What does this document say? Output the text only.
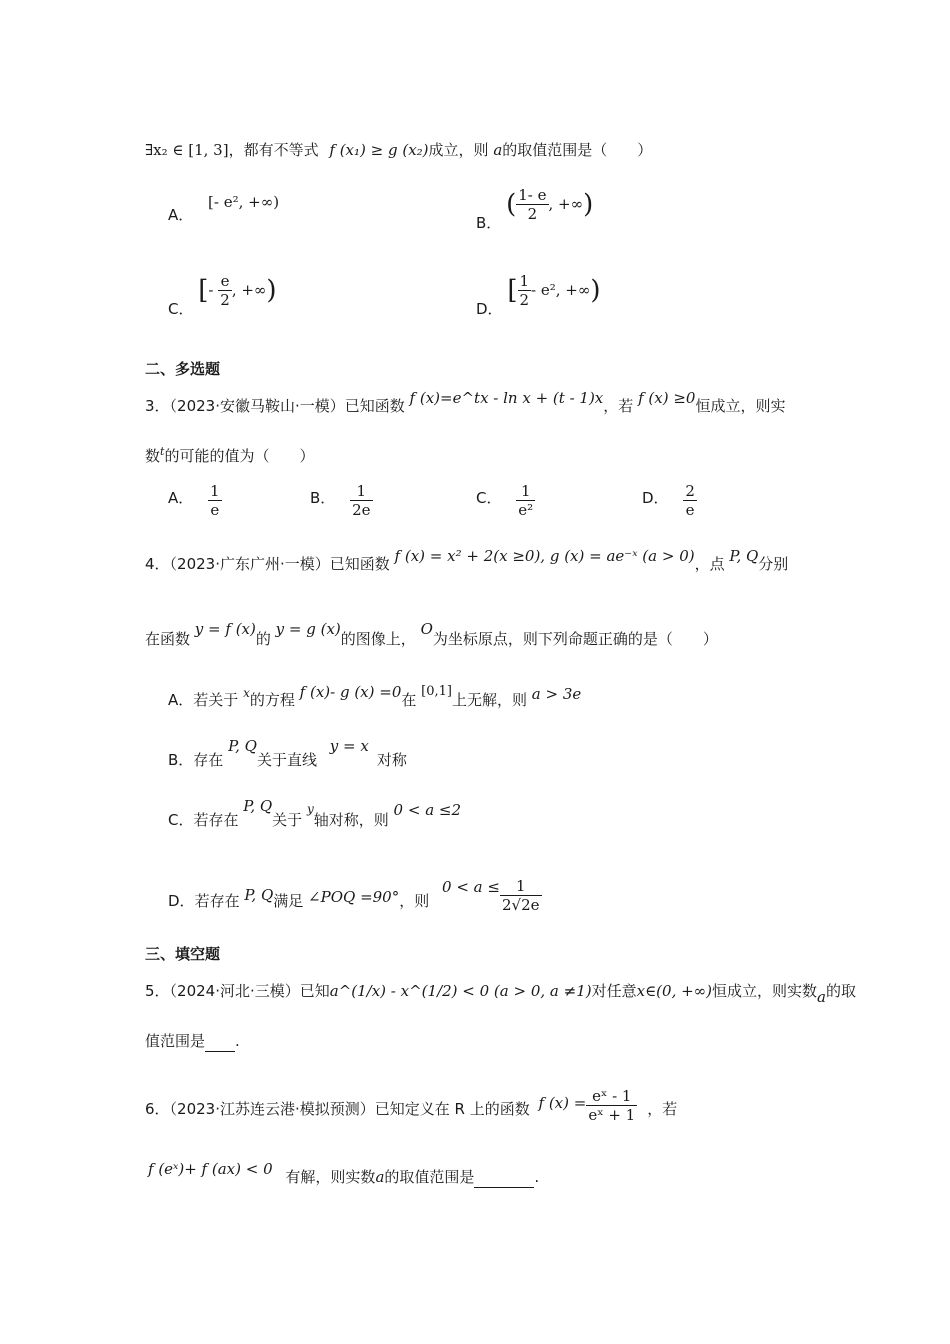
∃x₂ ∈ [1, 3]，都有不等式 f (x₁) ≥ g (x₂)成立，则 a的取值范围是（　　）
A． [- e², +∞)
B． ( $\frac{1- e}{2}$ , +∞)
C． [- $\frac{e}{2}$ , +∞)
D． [ $\frac{1}{2} - e^2$, +∞)
二、多选题
3．（2023·安徽马鞍山·一模）已知函数 f (x)=e^tx - ln x + (t - 1)x，若 f (x) ≥0恒成立，则实
数$^t$的可能的值为（　　）
A． $\frac{1}{e}$	B． $\frac{1}{2e}$	C． $\frac{1}{\text{e²}}$	D． $\frac{2}{e}$
4．（2023·广东广州·一模）已知函数 f (x) = x² + 2(x ≥0), g (x) = ae⁻ˣ (a > 0)，点 P, Q分别
在函数 y = f (x)的 y = g (x)的图像上， O为坐标原点，则下列命题正确的是（　　）
A．若关于 $^x$的方程 f (x)- g (x) =0在 [0,1]上无解，则 a > 3e
B．存在 P, Q关于直线 y = x对称
C．若存在 P, Q关于 $^y$轴对称，则 0 < a ≤2
D．若存在 P, Q满足 ∠POQ =90°，则 $0 < a \le \frac{1}{2√2e}$
三、填空题
5．（2024·河北·三模）已知a^(1/x) - x^(1/2) < 0 (a > 0, a ≠1)对任意x∈(0, +∞)恒成立，则实数a的取
值范围是 .
6．（2023·江苏连云港·模拟预测）已知定义在 R 上的函数 f $(x) = \frac{\text{eˣ - 1}}{\text{eˣ + 1}}$ ，若
f (eˣ)+ f (ax) < 0 有解，则实数a的取值范围是	.
